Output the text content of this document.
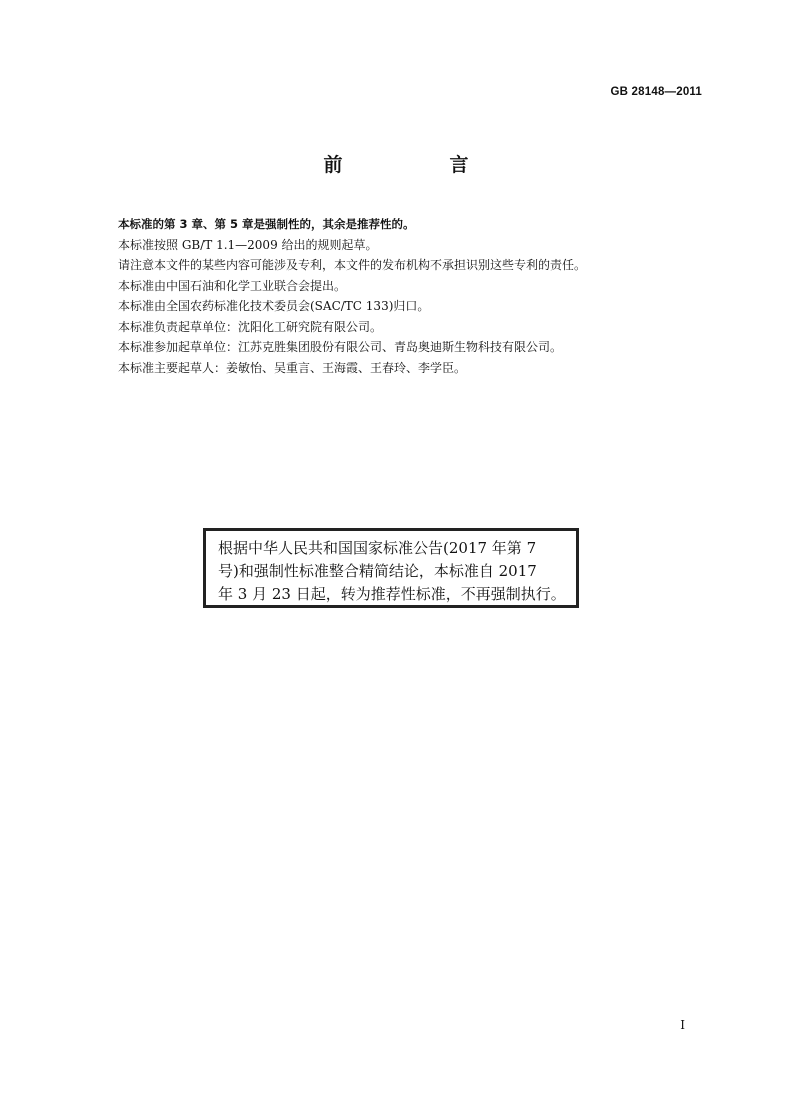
GB 28148—2011
前　言

本标准的第 3 章、第 5 章是强制性的，其余是推荐性的。

本标准按照 GB/T 1.1—2009 给出的规则起草。

请注意本文件的某些内容可能涉及专利，本文件的发布机构不承担识别这些专利的责任。

本标准由中国石油和化学工业联合会提出。

本标准由全国农药标准化技术委员会(SAC/TC 133)归口。

本标准负责起草单位：沈阳化工研究院有限公司。

本标准参加起草单位：江苏克胜集团股份有限公司、青岛奥迪斯生物科技有限公司。

本标准主要起草人：姜敏怡、吴重言、王海霞、王春玲、李学臣。

根据中华人民共和国国家标准公告(2017 年第 7

号)和强制性标准整合精简结论，本标准自 2017

年 3 月 23 日起，转为推荐性标准，不再强制执行。

I
